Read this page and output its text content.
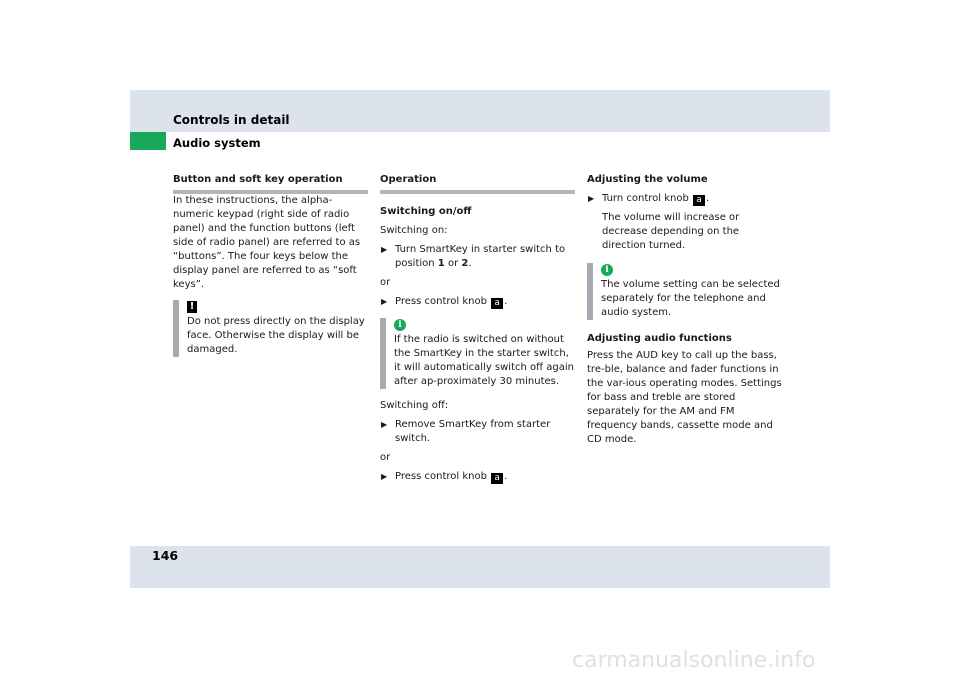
Controls in detail
Audio system

Button and soft key operation

In these instructions, the alpha-numeric keypad (right side of radio panel) and the function buttons (left side of radio panel) are referred to as “buttons”. The four keys below the display panel are referred to as “soft keys”.

!

Do not press directly on the display face. Otherwise the display will be damaged.

Operation

Switching on/off

Switching on:

▶ Turn SmartKey in starter switch to position 1 or 2.

or

▶ Press control knob a .

i

If the radio is switched on without the SmartKey in the starter switch, it will automatically switch off again after ap-proximately 30 minutes.

Switching off:

▶ Remove SmartKey from starter switch.

or

▶ Press control knob a .

Adjusting the volume

▶ Turn control knob a .

The volume will increase or decrease depending on the direction turned.

i

The volume setting can be selected separately for the telephone and audio system.

Adjusting audio functions

Press the AUD key to call up the bass, tre-ble, balance and fader functions in the var-ious operating modes. Settings for bass and treble are stored separately for the AM and FM frequency bands, cassette mode and CD mode.

146
carmanualsonline.info
